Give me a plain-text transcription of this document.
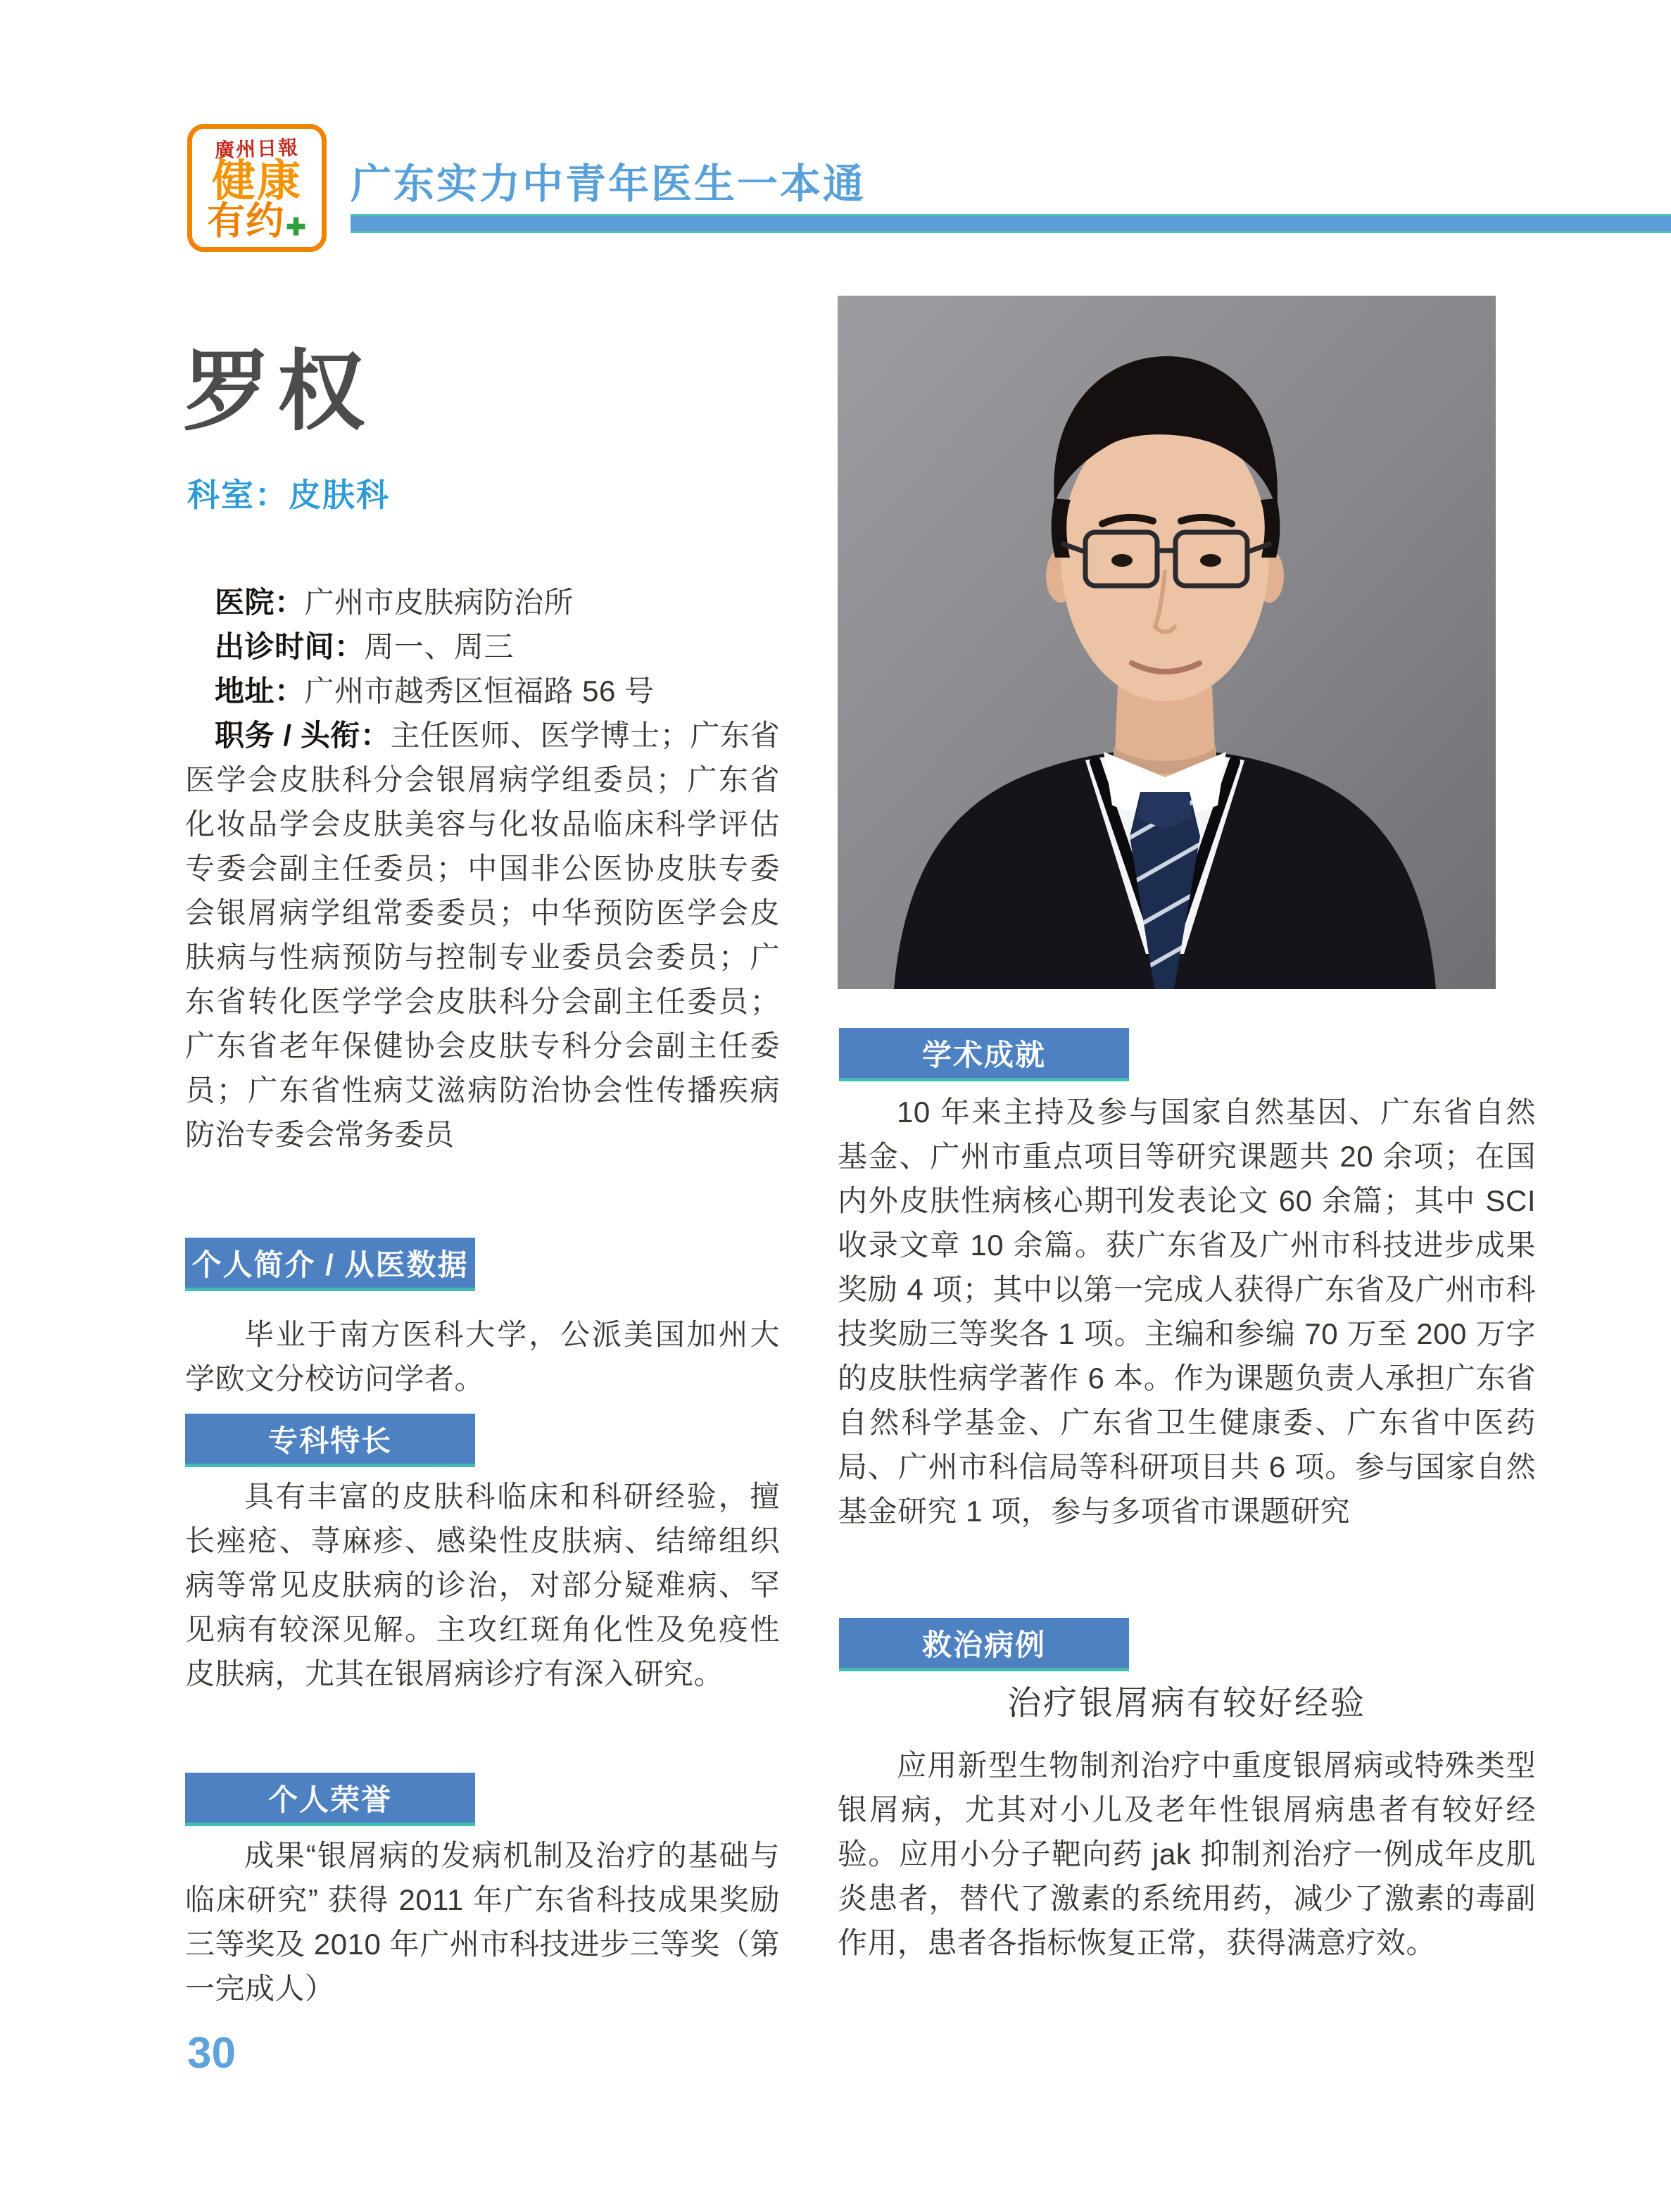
廣州日報
健康
有约 ✚
广东实力中青年医生一本通
罗权
科室：皮肤科

医院：广州市皮肤病防治所

出诊时间：周一、周三

地址：广州市越秀区恒福路 56 号

职务 / 头衔：主任医师、医学博士；广东省医学会皮肤科分会银屑病学组委员；广东省化妆品学会皮肤美容与化妆品临床科学评估专委会副主任委员；中国非公医协皮肤专委会银屑病学组常委委员；中华预防医学会皮肤病与性病预防与控制专业委员会委员；广东省转化医学学会皮肤科分会副主任委员；广东省老年保健协会皮肤专科分会副主任委员；广东省性病艾滋病防治协会性传播疾病防治专委会常务委员

个人简介 / 从医数据
专科特长
个人荣誉
学术成就
救治病例
毕业于南方医科大学，公派美国加州大学欧文分校访问学者。
具有丰富的皮肤科临床和科研经验，擅长痤疮、荨麻疹、感染性皮肤病、结缔组织病等常见皮肤病的诊治，对部分疑难病、罕见病有较深见解。主攻红斑角化性及免疫性皮肤病，尤其在银屑病诊疗有深入研究。
成果“银屑病的发病机制及治疗的基础与临床研究” 获得 2011 年广东省科技成果奖励三等奖及 2010 年广州市科技进步三等奖（第一完成人）
10 年来主持及参与国家自然基因、广东省自然基金、广州市重点项目等研究课题共 20 余项；在国内外皮肤性病核心期刊发表论文 60 余篇；其中 SCI 收录文章 10 余篇。获广东省及广州市科技进步成果奖励 4 项；其中以第一完成人获得广东省及广州市科技奖励三等奖各 1 项。主编和参编 70 万至 200 万字的皮肤性病学著作 6 本。作为课题负责人承担广东省自然科学基金、广东省卫生健康委、广东省中医药局、广州市科信局等科研项目共 6 项。参与国家自然基金研究 1 项，参与多项省市课题研究
治疗银屑病有较好经验
应用新型生物制剂治疗中重度银屑病或特殊类型银屑病，尤其对小儿及老年性银屑病患者有较好经验。应用小分子靶向药 jak 抑制剂治疗一例成年皮肌炎患者，替代了激素的系统用药，减少了激素的毒副作用，患者各指标恢复正常，获得满意疗效。
30
